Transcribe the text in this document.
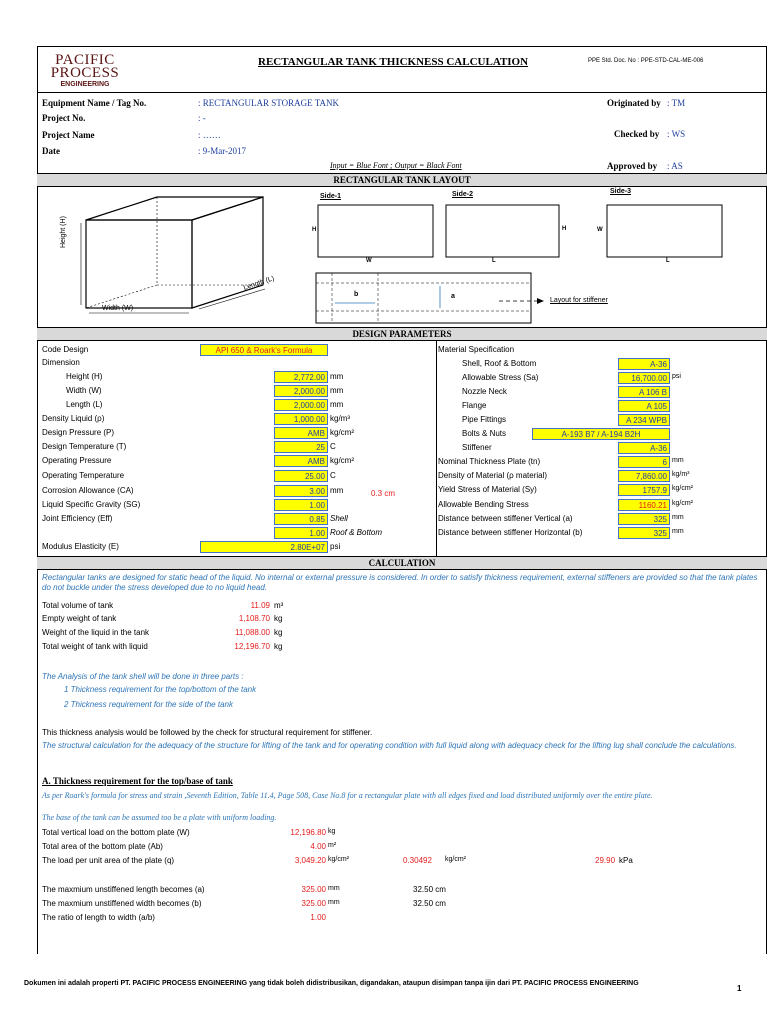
PACIFIC
PROCESS
ENGINEERING
RECTANGULAR TANK THICKNESS CALCULATION	PPE Std. Doc. No : PPE-STD-CAL-ME-006
Equipment Name / Tag No.	: RECTANGULAR STORAGE TANK
Project No.	: -
Project Name	: ……
Date	: 9-Mar-2017
Input = Blue Font ; Output = Black Font
Originated by : TM
Checked by : WS
Approved by : AS
RECTANGULAR TANK LAYOUT
Height (H)
Length (L)
Width (W)
Side-1	Side-2	Side-3
H
W
H
L
W
L
b	a
Layout for stiffener
DESIGN PARAMETERS
Code Design	API 650 & Roark's Formula
Dimension
Height (H)	2,772.00 mm
Width (W)	2,000.00 mm
Length (L)	2,000.00 mm
Density Liquid (ρ)	1,000.00 kg/m³
Design Pressure (P)	AMB kg/cm²
Design Temperature (T)	25 C
Operating Pressure	AMB kg/cm²
Operating Temperature	25.00 C
Corrosion Allowance (CA)	3.00 mm
Liquid Specific Gravity (SG)	1.00
Joint Efficiency (Eff)	0.85 Shell
1.00 Roof & Bottom
Modulus Elasticity (E)	2.80E+07 psi
Material Specification
Shell, Roof & Bottom	A-36
Allowable Stress (Sa)	16,700.00 psi
Nozzle Neck	A 106 B
Flange	A 105
Pipe Fittings	A 234 WPB
Bolts & Nuts	A-193 B7 / A-194 B2H
Stiffener	A-36
Nominal Thickness Plate (tn)	6 mm
Density of Material (ρ material)	7,860.00 kg/m³
Yield Stress of Material (Sy)	1757.9 kg/cm²
Allowable Bending Stress	1160.21 kg/cm²
Distance between stiffener Vertical (a)	325 mm
Distance between stiffener Horizontal (b)	325 mm
0.3 cm
CALCULATION
Rectangular tanks are designed for static head of the liquid. No internal or external pressure is considered. In order to satisfy thickness requirement, external stiffeners are provided so that the tank plates do not buckle under the stress developed due to no liquid head.
Total volume of tank	11.09 m³
Empty weight of tank	1,108.70 kg
Weight of the liquid in the tank	11,088.00 kg
Total weight of tank with liquid	12,196.70 kg
The Analysis of the tank shell will be done in three parts :
1 Thickness requirement for the top/bottom of the tank
2 Thickness requirement for the side of the tank
This thickness analysis would be followed by the check for structural requirement for stiffener.
The structural calculation for the adequacy of the structure for lifting of the tank and for operating condition with full liquid along with adequacy check for the lifting lug shall conclude the calculations.
A. Thickness requirement for the top/base of tank
As per Roark's formula for stress and strain ,Seventh Edition, Table 11.4, Page 508, Case No.8 for a rectangular plate with all edges fixed and load distributed uniformly over the entire plate.
The base of the tank can be assumed too be a plate with uniform loading.
Total vertical load on the bottom plate (W)	12,196.80 kg
Total area of the bottom plate (Ab)	4.00 m²
The load per unit area of the plate (q)	3,049.20 kg/cm²	0.30492 kg/cm²	29.90 kPa
The maxmium unstiffened length becomes (a)	325.00 mm	32.50 cm
The maxmium unstiffened width becomes (b)	325.00 mm	32.50 cm
The ratio of length to width (a/b)	1.00
Dokumen ini adalah properti PT. PACIFIC PROCESS ENGINEERING yang tidak boleh didistribusikan, digandakan, ataupun disimpan tanpa ijin dari PT. PACIFIC PROCESS ENGINEERING
1
